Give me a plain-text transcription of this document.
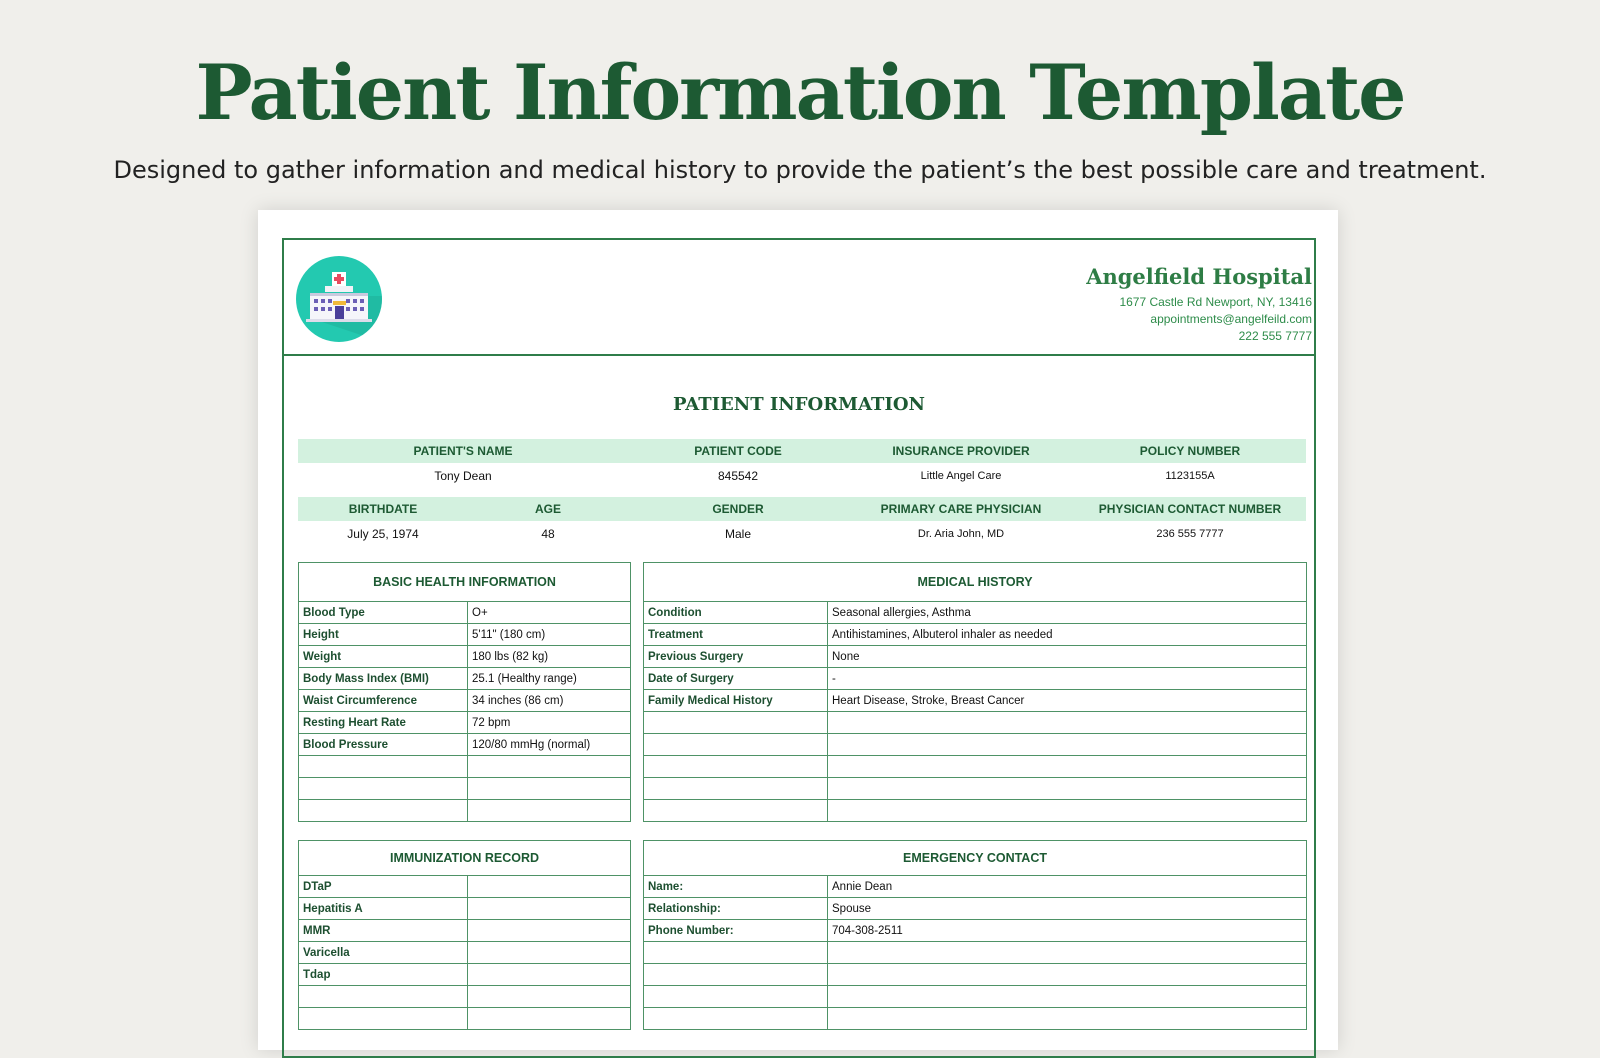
Patient Information Template

Designed to gather information and medical history to provide the patient’s the best possible care and treatment.

Angelfield Hospital
1677 Castle Rd Newport, NY, 13416
appointments@angelfeild.com
222 555 7777
PATIENT INFORMATION
PATIENT'S NAME	PATIENT CODE	INSURANCE PROVIDER	POLICY NUMBER
Tony Dean	845542	Little Angel Care	1123155A
BIRTHDATE	AGE	GENDER	PRIMARY CARE PHYSICIAN	PHYSICIAN CONTACT NUMBER
July 25, 1974	48	Male	Dr. Aria John, MD	236 555 7777
BASIC HEALTH INFORMATION	
Blood Type	O+
Height	5'11" (180 cm)
Weight	180 lbs (82 kg)
Body Mass Index (BMI)	25.1 (Healthy range)
Waist Circumference	34 inches (86 cm)
Resting Heart Rate	72 bpm
Blood Pressure	120/80 mmHg (normal)

MEDICAL HISTORY	
Condition	Seasonal allergies, Asthma
Treatment	Antihistamines, Albuterol inhaler as needed
Previous Surgery	None
Date of Surgery	-
Family Medical History	Heart Disease, Stroke, Breast Cancer

IMMUNIZATION RECORD	
DTaP	
Hepatitis A	
MMR	
Varicella	
Tdap	

EMERGENCY CONTACT	
Name:	Annie Dean
Relationship:	Spouse
Phone Number:	704-308-2511
